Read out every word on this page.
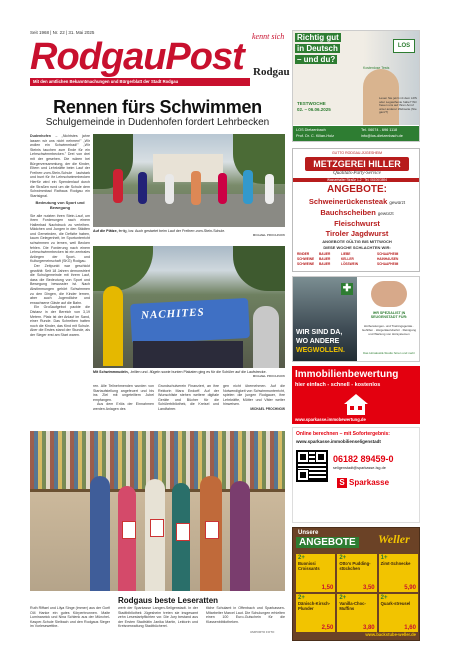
Seit 1968 | Nr. 22 | 31. Mai 2025	kennt sich
RodgauPost Rodgau
Mit den amtlichen Bekanntmachungen und Bürgerblatt der Stadt Rodgau
Rennen fürs Schwimmen
Schulgemeinde in Dudenhofen fordert Lehrbecken
Dudenhofen – „Nichtstes jahre lassen wir uns nicht nehmen!" „Wir wollen ein Schwimmbad!" „Wir Steinis tauchen zum Ende für ein Lehrschwimmbecken." Drei von drei mit der gesehen. Die wären bei Bürgerversammlung, der die Kinder, Eltern und Lehrkräfte beim Lauf der Freiherr-vom-Stein-Schule lautstark und bunt für ihr Lehrschwimmbecken Hierfür wird ein Spendenlauf durch die Straßen rund um die Schule dem Schwimmbad Rathaus Rodgau ein Startsignal.
Bedeutung von Sport und Bewegung
Sie alle nutzten ihren Stein-Lauf, um ihren Forderungen nach einem Hallenbad Nachdruck zu verleihen. Mädchen und Jungen in den Städten und Gemeinden, die Defizite haben, kaum Gelegenheit, im Sportunterricht schwimmen zu lernen, weil Becken fehlen. Die Forderung nach einem Lehrschwimmbecken ist ein zentrales Anliegen der Sport- und Kulturgemeinschaft (SKG) Rodgau.
Der Zeitpunkt war geschickt gewählt: Seit 18 Jahren demonstriert die Schulgemeinde mit ihrem Lauf, dass die Bedeutung von Sport und Bewegung bewusster ist. Nach Abstimmungen gehört Schwimmen zu den Dingen, die Kinder lernen, aber auch Jugendliche und erwachsene Gäste auf die Bahn.
Ein Großaufgebot packte die Distanz in der Bereich von 3,19 Metern. Platz ist der Anlauf im Sand, einer Runde. Das Schreiben hatten noch die Kinder, das Kind mit Schule. Aber die Erstes stand der Stunde, als der Sieger erst am Start waren.
Auf die Plätze, fertig, los: Auch gestartet beim Lauf der Freiherr-vom-Stein-Schule.
MICHAEL PROCHNOW
NACHITES
Mit Schwimmnudeln, -brillen und -flügeln sowie bunten Plakaten ging es für die Schüler auf die Laufstrecke.
MICHAEL PROCHNOW
ren. Alle Teilnehmenden wurden von Startaufstellung angefeuert und bis ins Ziel mit ungeteiltem Jubel empfangen.
Aus dem Erlös der Einnahmen werden Anlagen des
Grundschulverein Finanziert, an ihre Rektorin Mara Endorff. Auf der Wunschliste stehen weitere digitale Geräte und Bücher für die Schülerbibliothek, die Kreisel und Landfahrer.
gen nicht übernehmen. Auf die Notwendigkeit von Schwimmunterricht, spielen die jungen Rodgauer, ihre Lehrkräfte, Mütter und Väter weiter hinweisen.
MICHAEL PROCHNOW
Rodgaus beste Leseratten
Ruth Riffael und Lilya Singe (immer) aus der Gorfi Ol4 Hanke ein gutes Körperbrunnen. Maite Luminarwick und Nina Schlenk aus der Münchel-Kasper-Schule Sielbach und den Rodgaus Sieger im Vorlesewettbe-
werb der Sparkasse Langen-Seligenstadt. In der Stadtbibliothek Jügesheim treten sie insgesamt zehn Lesestartpflichten vor. Die Jury bestand aus der Ersten Stadträtin Janika Martin, Lektorin und Kreisverwaltung Stadtbücherei.
tliche Schulamt in Offenbach und Sparkassen-Mitarbeiter Marcel Laut. Die Schulungen erhielten einen 100 Euro-Gutschein für die Klassenbibliotheken.
UMPORTO FOTO
Richtig gut
in Deutsch
– und du?
LOS
TESTWOCHE
02. – 06.06.2025
Kostenlose Tests
Lesen Sie jetzt mit dem LRS oder Legasthenie habe? Wir freuen uns auf Ihren Anruf unter anderer Webseite (Nie ganz?)
LOS Dietzenbach
Prof. Dr. C. Kilian-Holz
Tel. 06074 - 696 1118
info@los-dietzenbach.de
GUTTO RODGAU-JÜGESHEIM
METZGEREI HILLER
Qualitäts-Party-Service
Wasserhalter Straße 1-2 · Tel. 06106/3894
ANGEBOTE:
Schweinerückensteak gewürzt
Bauchscheiben gewürzt
Fleischwurst
Tiroler Jagdwurst
ANGEBOTE GÜLTIG BIS MITTWOCH
DIESE WOCHE SCHLACHTEN WIR:
RINDER	BAUER	LIEBE	SCHAAFHEIM
SCHWEINE	BAUER	KELLER	HAINHAUSEN
SCHWEINE	BAUER	LÖSSWEIN	SCHAAFHEIM
✚
WIR SIND DA,
WO ANDERE
WEGWOLLEN.
IHR SPEZIALIST IN SEUGENSTADT FÜR:
Hörberatungen- und Trainingsgeräte · Gehilfen · Hörgerätezubehör · Reinigung und Wartung von Hörsystemen
Das Hörakustik-Studio hören und mehr
Immobilienbewertung
hier einfach - schnell - kostenlos
www.sparkasse.immobewertung.de
Online berechnen – mit Sofortergebnis:
www.sparkasse.immobilienseligenstadt
06182 89459-0
seligenstadt@sparkasse-lsg.de
S Sparkasse
Unsere
ANGEBOTE Weller
2+
Buonissi Croissants
1,50
2+
Otto's Pudding-stückchen
3,50
1+
Zimt-Schnecke
5,90
2+
Dänisch-Kirsch-Plunder
2,50
2+
Vanilla-Choc-Muffins
3,80
2+
Quark-streusel
1,60
www.backstube-weller.de
